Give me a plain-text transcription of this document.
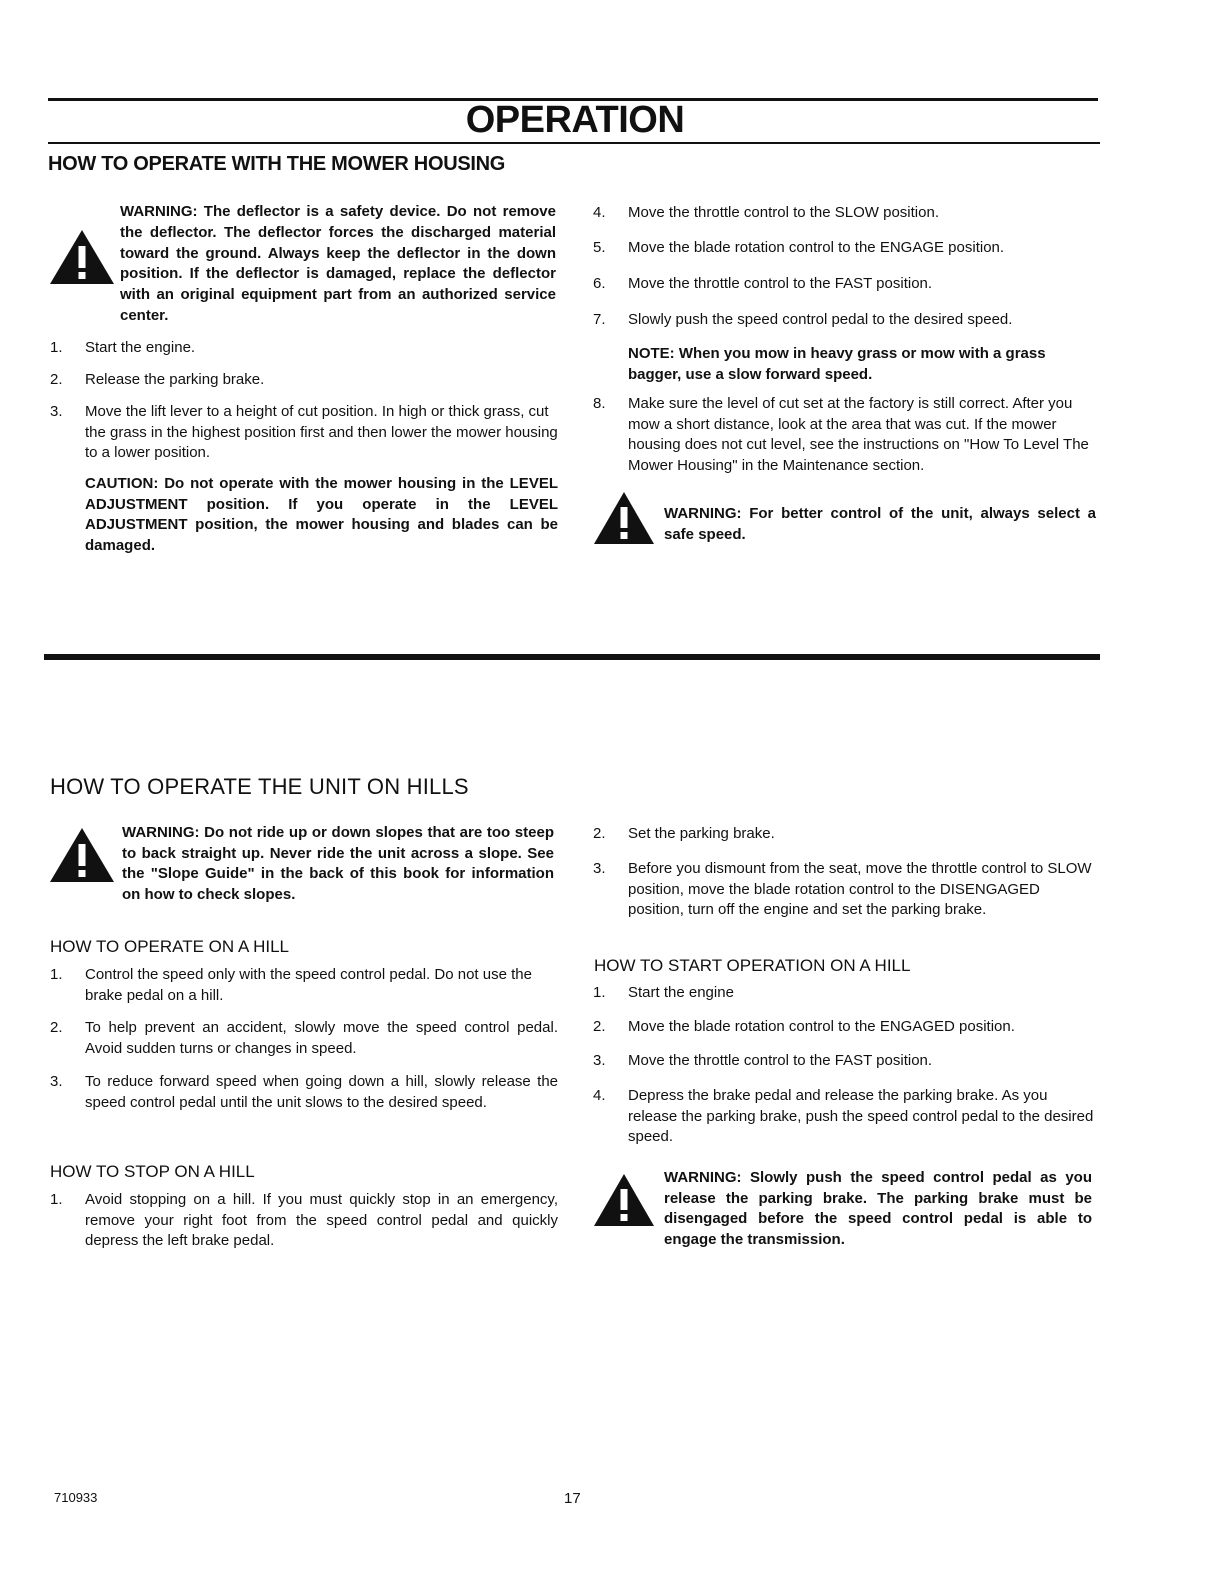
OPERATION
HOW TO OPERATE WITH THE MOWER HOUSING
WARNING: The deflector is a safety device. Do not remove the deflector. The deflector forces the discharged material toward the ground. Always keep the deflector in the down position. If the deflector is damaged, replace the deflector with an original equipment part from an authorized service center.
1. Start the engine.
2. Release the parking brake.
3. Move the lift lever to a height of cut position. In high or thick grass, cut the grass in the highest position first and then lower the mower housing to a lower position.
CAUTION: Do not operate with the mower housing in the LEVEL ADJUSTMENT position. If you operate in the LEVEL ADJUSTMENT position, the mower housing and blades can be damaged.
4. Move the throttle control to the SLOW position.
5. Move the blade rotation control to the ENGAGE position.
6. Move the throttle control to the FAST position.
7. Slowly push the speed control pedal to the desired speed.
NOTE: When you mow in heavy grass or mow with a grass bagger, use a slow forward speed.
8. Make sure the level of cut set at the factory is still correct. After you mow a short distance, look at the area that was cut. If the mower housing does not cut level, see the instructions on "How To Level The Mower Housing" in the Maintenance section.
WARNING: For better control of the unit, always select a safe speed.
HOW TO OPERATE THE UNIT ON HILLS
WARNING: Do not ride up or down slopes that are too steep to back straight up. Never ride the unit across a slope. See the "Slope Guide" in the back of this book for information on how to check slopes.
HOW TO OPERATE ON A HILL
1. Control the speed only with the speed control pedal. Do not use the brake pedal on a hill.
2. To help prevent an accident, slowly move the speed control pedal. Avoid sudden turns or changes in speed.
3. To reduce forward speed when going down a hill, slowly release the speed control pedal until the unit slows to the desired speed.
HOW TO STOP ON A HILL
1. Avoid stopping on a hill. If you must quickly stop in an emergency, remove your right foot from the speed control pedal and quickly depress the left brake pedal.
2. Set the parking brake.
3. Before you dismount from the seat, move the throttle control to SLOW position, move the blade rotation control to the DISENGAGED position, turn off the engine and set the parking brake.
HOW TO START OPERATION ON A HILL
1. Start the engine
2. Move the blade rotation control to the ENGAGED position.
3. Move the throttle control to the FAST position.
4. Depress the brake pedal and release the parking brake. As you release the parking brake, push the speed control pedal to the desired speed.
WARNING: Slowly push the speed control pedal as you release the parking brake. The parking brake must be disengaged before the speed control pedal is able to engage the transmission.
710933	17
